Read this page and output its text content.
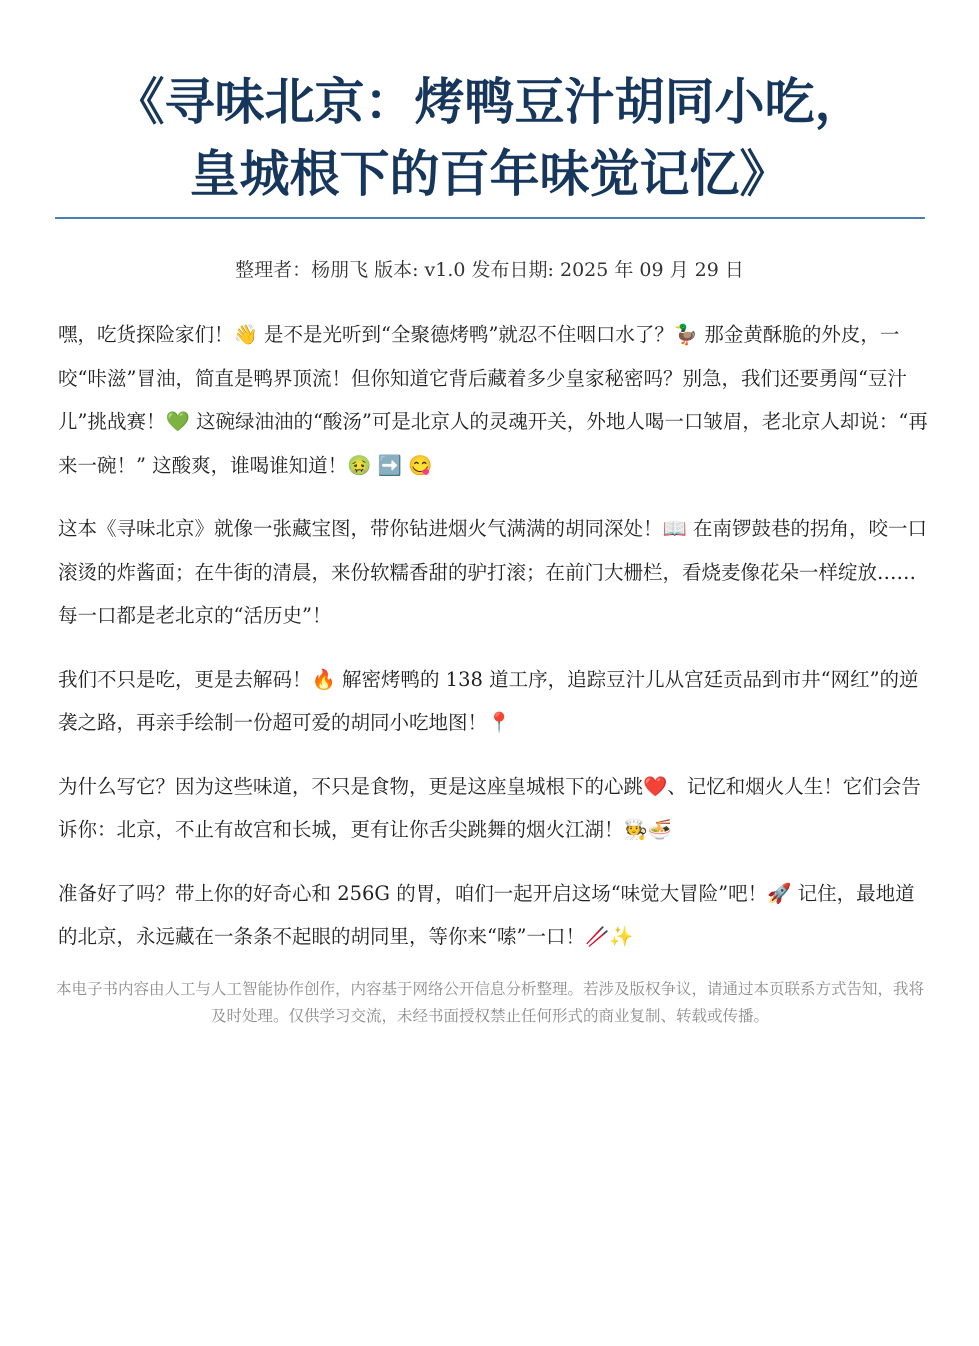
《寻味北京：烤鸭豆汁胡同小吃，
皇城根下的百年味觉记忆》
整理者：杨朋飞 版本: v1.0 发布日期: 2025 年 09 月 29 日

嘿，吃货探险家们！👋 是不是光听到“全聚德烤鸭”就忍不住咽口水了？🦆 那金黄酥脆的外皮，一咬“咔滋”冒油，简直是鸭界顶流！但你知道它背后藏着多少皇家秘密吗？别急，我们还要勇闯“豆汁儿”挑战赛！💚 这碗绿油油的“酸汤”可是北京人的灵魂开关，外地人喝一口皱眉，老北京人却说：“再来一碗！” 这酸爽，谁喝谁知道！🤢 ➡️ 😋

这本《寻味北京》就像一张藏宝图，带你钻进烟火气满满的胡同深处！📖 在南锣鼓巷的拐角，咬一口滚烫的炸酱面；在牛街的清晨，来份软糯香甜的驴打滚；在前门大栅栏，看烧麦像花朵一样绽放……每一口都是老北京的“活历史”！

我们不只是吃，更是去解码！🔥 解密烤鸭的 138 道工序，追踪豆汁儿从宫廷贡品到市井“网红”的逆袭之路，再亲手绘制一份超可爱的胡同小吃地图！📍

为什么写它？因为这些味道，不只是食物，更是这座皇城根下的心跳❤️、记忆和烟火人生！它们会告诉你：北京，不止有故宫和长城，更有让你舌尖跳舞的烟火江湖！🧑‍🍳🍜

准备好了吗？带上你的好奇心和 256G 的胃，咱们一起开启这场“味觉大冒险”吧！🚀 记住，最地道的北京，永远藏在一条条不起眼的胡同里，等你来“嗦”一口！🥢✨

本电子书内容由人工与人工智能协作创作，内容基于网络公开信息分析整理。若涉及版权争议，请通过本页联系方式告知，我将及时处理。仅供学习交流，未经书面授权禁止任何形式的商业复制、转载或传播。
